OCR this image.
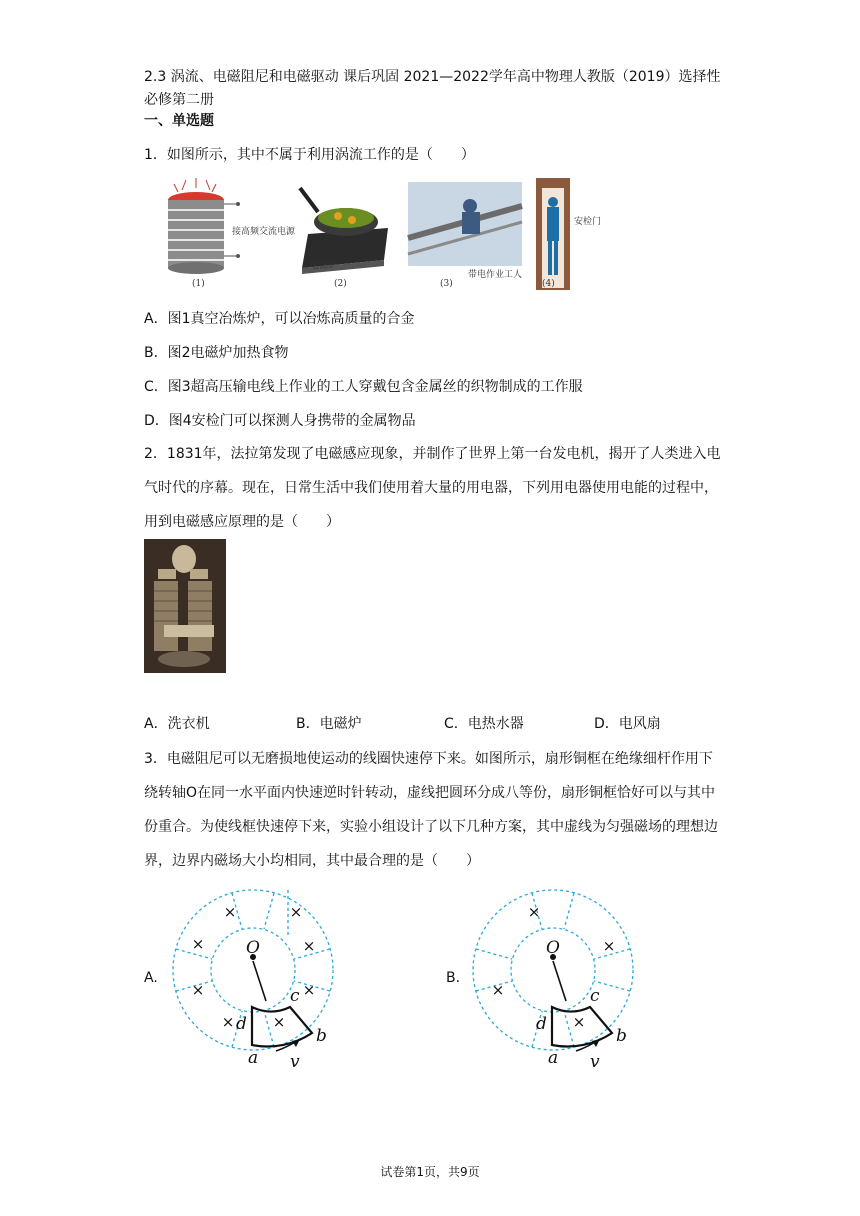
2.3 涡流、电磁阻尼和电磁驱动 课后巩固 2021—2022学年高中物理人教版（2019）选择性必修第二册
一、单选题
1．如图所示，其中不属于利用涡流工作的是（　　）
接高频交流电源
电磁炉
带电作业工人
安检门
(1)	(2)	(3)	(4)
A．图1真空冶炼炉，可以冶炼高质量的合金
B．图2电磁炉加热食物
C．图3超高压输电线上作业的工人穿戴包含金属丝的织物制成的工作服
D．图4安检门可以探测人身携带的金属物品
2．1831年，法拉第发现了电磁感应现象，并制作了世界上第一台发电机，揭开了人类进入电气时代的序幕。现在，日常生活中我们使用着大量的用电器，下列用电器使用电能的过程中，用到电磁感应原理的是（　　）
A．洗衣机	B．电磁炉	C．电热水器	D．电风扇
3．电磁阻尼可以无磨损地使运动的线圈快速停下来。如图所示，扇形铜框在绝缘细杆作用下绕转轴O在同一水平面内快速逆时针转动，虚线把圆环分成八等份，扇形铜框恰好可以与其中份重合。为使线框快速停下来，实验小组设计了以下几种方案，其中虚线为匀强磁场的理想边界，边界内磁场大小均相同，其中最合理的是（　　）
A.	B.
×	×
×	×
×	×
×	×
O
d
c
b
a v
×
×
×
×
O
d
c
b
a v
试卷第1页，共9页
